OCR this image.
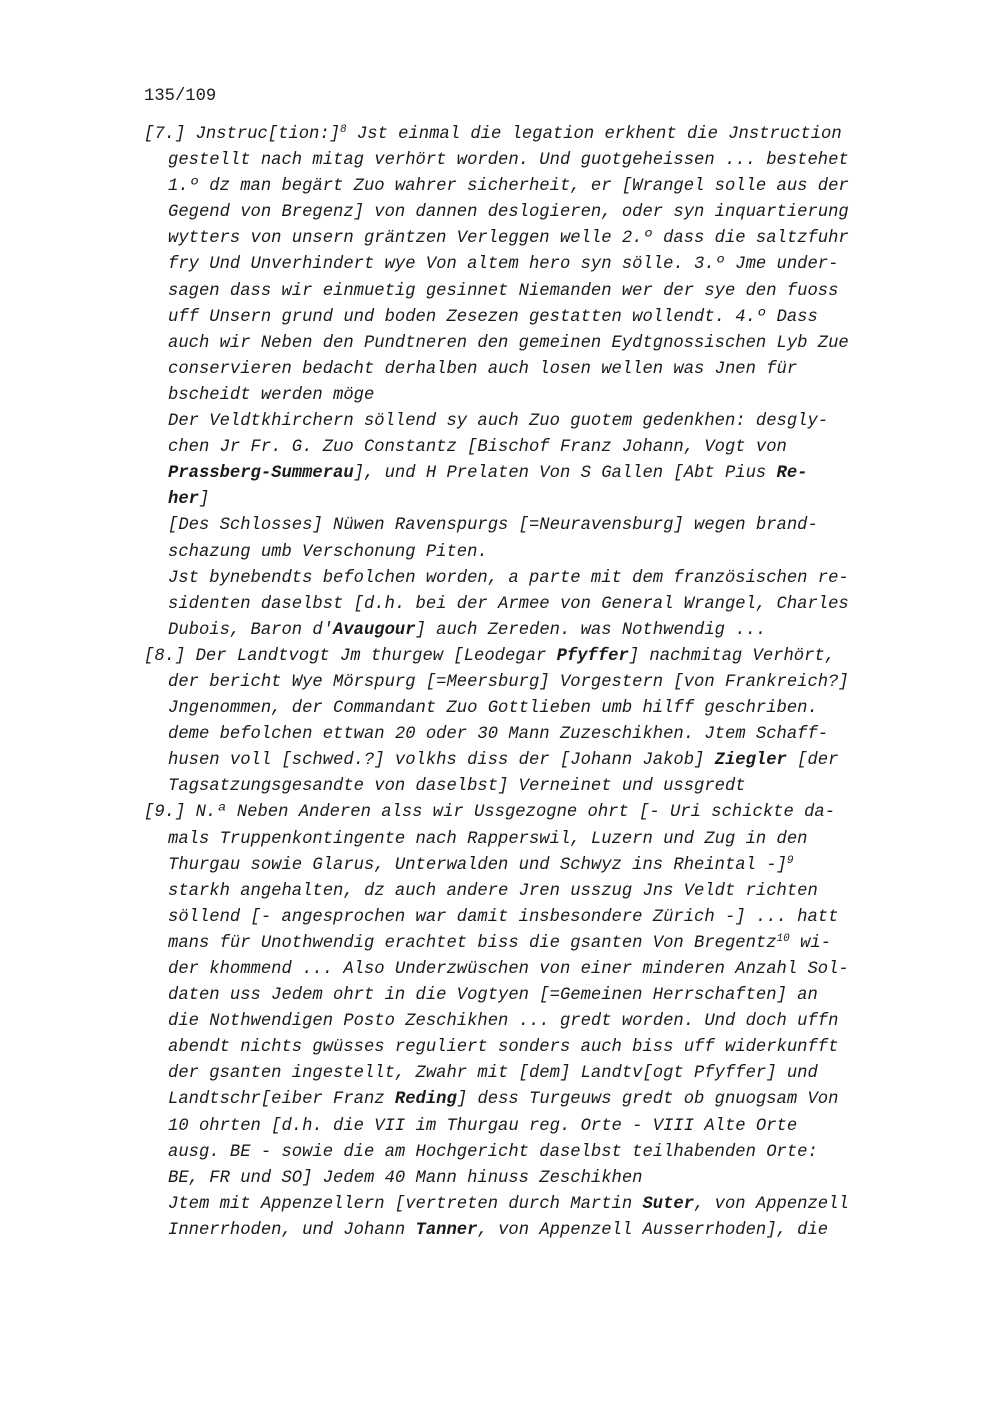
135/109
[7.] Jnstruc[tion:]$^8$ Jst einmal die legation erkhent die Jnstruction
gestellt nach mitag verhört worden. Und guotgeheissen ... bestehet
1.º dz man begärt Zuo wahrer sicherheit, er [Wrangel solle aus der
Gegend von Bregenz] von dannen deslogieren, oder syn inquartierung
wytters von unsern gräntzen Verleggen welle 2.º dass die saltzfuhr
fry Und Unverhindert wye Von altem hero syn sölle. 3.º Jme under-
sagen dass wir einmuetig gesinnet Niemanden wer der sye den fuoss
uff Unsern grund und boden Zesezen gestatten wollendt. 4.º Dass
auch wir Neben den Pundtneren den gemeinen Eydtgnossischen Lyb Zue
conservieren bedacht derhalben auch losen wellen was Jnen für
bscheidt werden möge
Der Veldtkhirchern söllend sy auch Zuo guotem gedenkhen: desgly-
chen Jr Fr. G. Zuo Constantz [Bischof Franz Johann, Vogt von
Prassberg-Summerau], und H Prelaten Von S Gallen [Abt Pius Re-
her]
[Des Schlosses] Nüwen Ravenspurgs [=Neuravensburg] wegen brand-
schazung umb Verschonung Piten.
Jst bynebendts befolchen worden, a parte mit dem französischen re-
sidenten daselbst [d.h. bei der Armee von General Wrangel, Charles
Dubois, Baron d'Avaugour] auch Zereden. was Nothwendig ...
[8.] Der Landtvogt Jm thurgew [Leodegar Pfyffer] nachmitag Verhört,
der bericht Wye Mörspurg [=Meersburg] Vorgestern [von Frankreich?]
Jngenommen, der Commandant Zuo Gottlieben umb hilff geschriben.
deme befolchen ettwan 20 oder 30 Mann Zuzeschikhen. Jtem Schaff-
husen voll [schwed.?] volkhs diss der [Johann Jakob] Ziegler [der
Tagsatzungsgesandte von daselbst] Verneinet und ussgredt
[9.] N.ª Neben Anderen alss wir Ussgezogne ohrt [- Uri schickte da-
mals Truppenkontingente nach Rapperswil, Luzern und Zug in den
Thurgau sowie Glarus, Unterwalden und Schwyz ins Rheintal -]$^9$
starkh angehalten, dz auch andere Jren usszug Jns Veldt richten
söllend [- angesprochen war damit insbesondere Zürich -] ... hatt
mans für Unothwendig erachtet biss die gsanten Von Bregentz$^{10}$ wi-
der khommend ... Also Underzwüschen von einer minderen Anzahl Sol-
daten uss Jedem ohrt in die Vogtyen [=Gemeinen Herrschaften] an
die Nothwendigen Posto Zeschikhen ... gredt worden. Und doch uffn
abendt nichts gwüsses reguliert sonders auch biss uff widerkunfft
der gsanten ingestellt, Zwahr mit [dem] Landtv[ogt Pfyffer] und
Landtschr[eiber Franz Reding] dess Turgeuws gredt ob gnuogsam Von
10 ohrten [d.h. die VII im Thurgau reg. Orte - VIII Alte Orte
ausg. BE - sowie die am Hochgericht daselbst teilhabenden Orte:
BE, FR und SO] Jedem 40 Mann hinuss Zeschikhen
Jtem mit Appenzellern [vertreten durch Martin Suter, von Appenzell
Innerrhoden, und Johann Tanner, von Appenzell Ausserrhoden], die
